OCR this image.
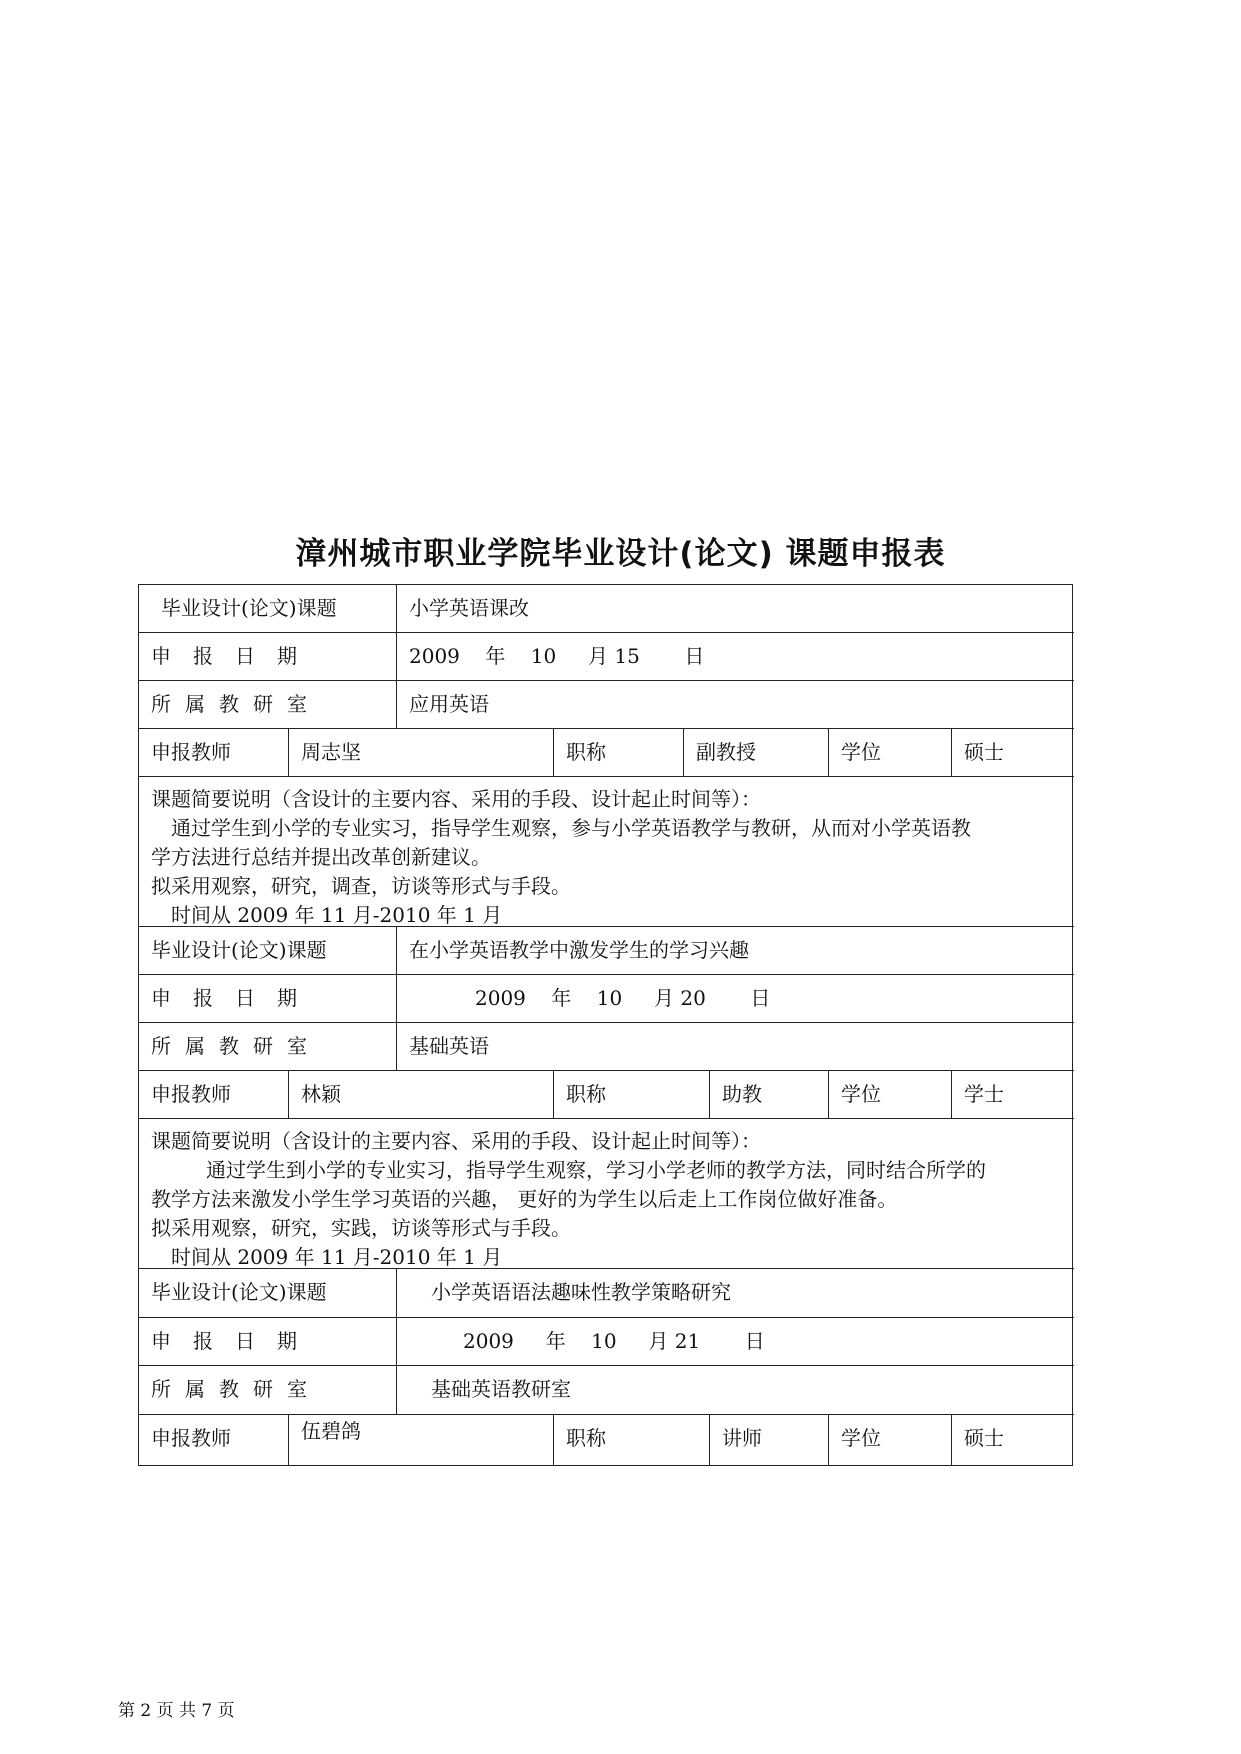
漳州城市职业学院毕业设计(论文) 课题申报表
毕业设计(论文)课题	小学英语课改
申报日期	2009 年 10 月 15 日
所属教研室	应用英语
申报教师	周志坚	职称	副教授	学位	硕士

课题简要说明（含设计的主要内容、采用的手段、设计起止时间等）：

通过学生到小学的专业实习，指导学生观察，参与小学英语教学与教研，从而对小学英语教

学方法进行总结并提出改革创新建议。

拟采用观察，研究，调查，访谈等形式与手段。

时间从 2009 年 11 月-2010 年 1 月

毕业设计(论文)课题	在小学英语教学中激发学生的学习兴趣
申报日期	2009 年 10 月 20 日
所属教研室	基础英语
申报教师	林颖	职称	助教	学位	学士

课题简要说明（含设计的主要内容、采用的手段、设计起止时间等）：

通过学生到小学的专业实习，指导学生观察，学习小学老师的教学方法，同时结合所学的

教学方法来激发小学生学习英语的兴趣， 更好的为学生以后走上工作岗位做好准备。

拟采用观察，研究，实践，访谈等形式与手段。

时间从 2009 年 11 月-2010 年 1 月

毕业设计(论文)课题	小学英语语法趣味性教学策略研究
申报日期	2009 年 10 月 21 日
所属教研室	基础英语教研室
申报教师	伍碧鸽	职称	讲师	学位	硕士
第 2 页 共 7 页
